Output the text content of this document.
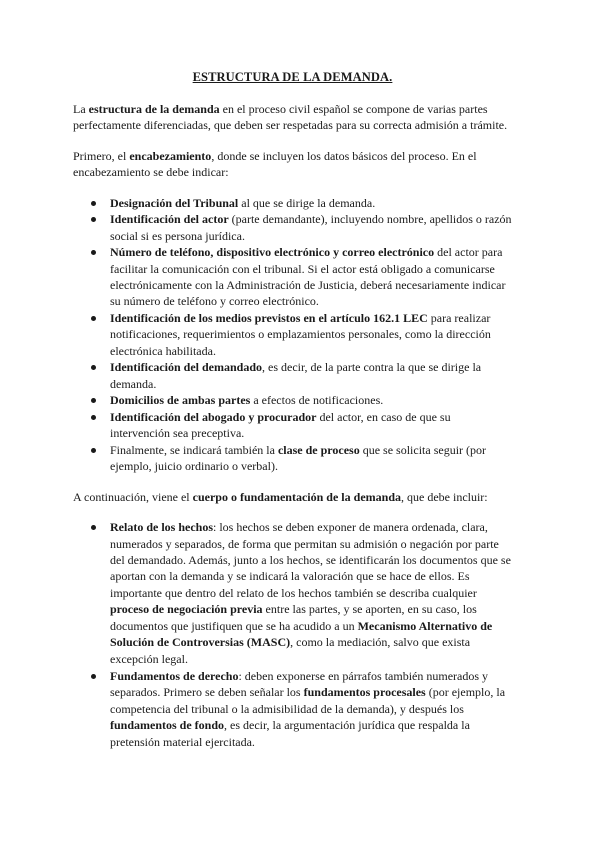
ESTRUCTURA DE LA DEMANDA.

La estructura de la demanda en el proceso civil español se compone de varias partes perfectamente diferenciadas, que deben ser respetadas para su correcta admisión a trámite.

Primero, el encabezamiento, donde se incluyen los datos básicos del proceso. En el encabezamiento se debe indicar:

Designación del Tribunal al que se dirige la demanda.
Identificación del actor (parte demandante), incluyendo nombre, apellidos o razón social si es persona jurídica.
Número de teléfono, dispositivo electrónico y correo electrónico del actor para facilitar la comunicación con el tribunal. Si el actor está obligado a comunicarse electrónicamente con la Administración de Justicia, deberá necesariamente indicar su número de teléfono y correo electrónico.
Identificación de los medios previstos en el artículo 162.1 LEC para realizar notificaciones, requerimientos o emplazamientos personales, como la dirección electrónica habilitada.
Identificación del demandado, es decir, de la parte contra la que se dirige la demanda.
Domicilios de ambas partes a efectos de notificaciones.
Identificación del abogado y procurador del actor, en caso de que su intervención sea preceptiva.
Finalmente, se indicará también la clase de proceso que se solicita seguir (por ejemplo, juicio ordinario o verbal).

A continuación, viene el cuerpo o fundamentación de la demanda, que debe incluir:

Relato de los hechos: los hechos se deben exponer de manera ordenada, clara, numerados y separados, de forma que permitan su admisión o negación por parte del demandado. Además, junto a los hechos, se identificarán los documentos que se aportan con la demanda y se indicará la valoración que se hace de ellos. Es importante que dentro del relato de los hechos también se describa cualquier proceso de negociación previa entre las partes, y se aporten, en su caso, los documentos que justifiquen que se ha acudido a un Mecanismo Alternativo de Solución de Controversias (MASC), como la mediación, salvo que exista excepción legal.
Fundamentos de derecho: deben exponerse en párrafos también numerados y separados. Primero se deben señalar los fundamentos procesales (por ejemplo, la competencia del tribunal o la admisibilidad de la demanda), y después los fundamentos de fondo, es decir, la argumentación jurídica que respalda la pretensión material ejercitada.
